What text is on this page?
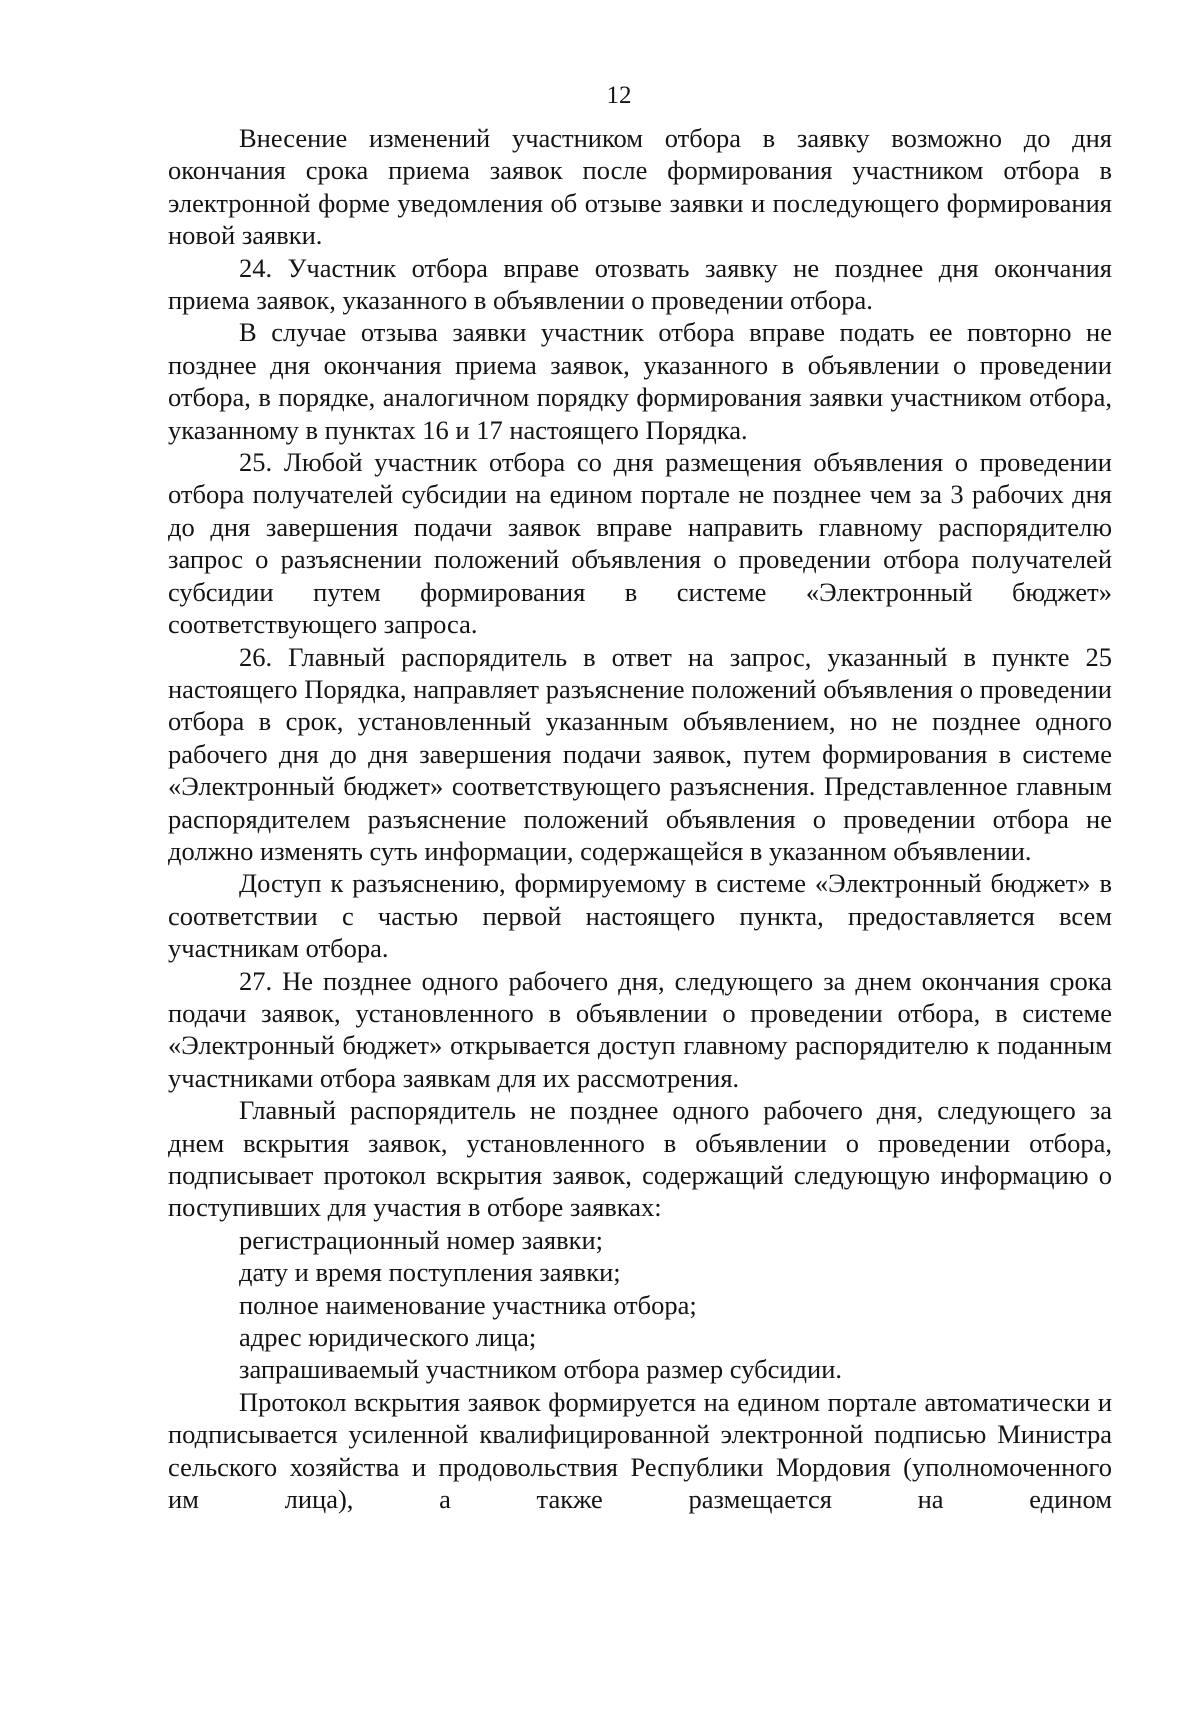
12

Внесение изменений участником отбора в заявку возможно до дня окончания срока приема заявок после формирования участником отбора в электронной форме уведомления об отзыве заявки и последующего формирования новой заявки.

24. Участник отбора вправе отозвать заявку не позднее дня окончания приема заявок, указанного в объявлении о проведении отбора.

В случае отзыва заявки участник отбора вправе подать ее повторно не позднее дня окончания приема заявок, указанного в объявлении о проведении отбора, в порядке, аналогичном порядку формирования заявки участником отбора, указанному в пунктах 16 и 17 настоящего Порядка.

25. Любой участник отбора со дня размещения объявления о проведении отбора получателей субсидии на едином портале не позднее чем за 3 рабочих дня до дня завершения подачи заявок вправе направить главному распорядителю запрос о разъяснении положений объявления о проведении отбора получателей субсидии путем формирования в системе «Электронный бюджет» соответствующего запроса.

26. Главный распорядитель в ответ на запрос, указанный в пункте 25 настоящего Порядка, направляет разъяснение положений объявления о проведении отбора в срок, установленный указанным объявлением, но не позднее одного рабочего дня до дня завершения подачи заявок, путем формирования в системе «Электронный бюджет» соответствующего разъяснения. Представленное главным распорядителем разъяснение положений объявления о проведении отбора не должно изменять суть информации, содержащейся в указанном объявлении.

Доступ к разъяснению, формируемому в системе «Электронный бюджет» в соответствии с частью первой настоящего пункта, предоставляется всем участникам отбора.

27. Не позднее одного рабочего дня, следующего за днем окончания срока подачи заявок, установленного в объявлении о проведении отбора, в системе «Электронный бюджет» открывается доступ главному распорядителю к поданным участниками отбора заявкам для их рассмотрения.

Главный распорядитель не позднее одного рабочего дня, следующего за днем вскрытия заявок, установленного в объявлении о проведении отбора, подписывает протокол вскрытия заявок, содержащий следующую информацию о поступивших для участия в отборе заявках:

регистрационный номер заявки;

дату и время поступления заявки;

полное наименование участника отбора;

адрес юридического лица;

запрашиваемый участником отбора размер субсидии.

Протокол вскрытия заявок формируется на едином портале автоматически и подписывается усиленной квалифицированной электронной подписью Министра сельского хозяйства и продовольствия Республики Мордовия (уполномоченного им лица), а также размещается на едином
